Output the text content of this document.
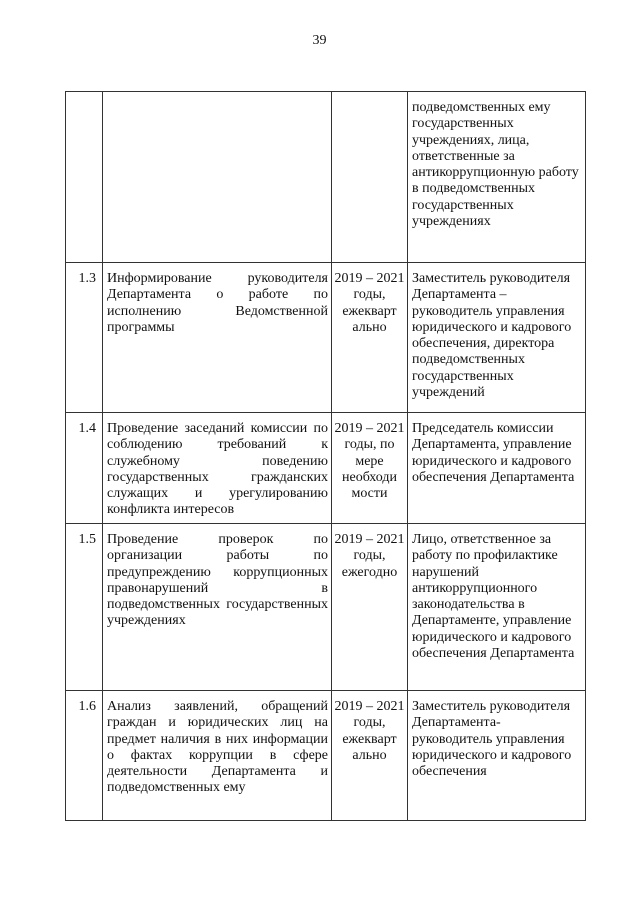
39
			подведомственных ему государственных учреждениях, лица, ответственные за антикоррупционную работу в подведомственных государственных учреждениях
1.3	Информирование руководителя Департамента о работе по исполнению Ведомственной программы	2019 – 2021 годы, ежекварт ально	Заместитель руководителя Департамента – руководитель управления юридического и кадрового обеспечения, директора подведомственных государственных учреждений
1.4	Проведение заседаний комиссии по соблюдению требований к служебному поведению государственных гражданских служащих и урегулированию конфликта интересов	2019 – 2021 годы, по мере необходи мости	Председатель комиссии Департамента, управление юридического и кадрового обеспечения Департамента
1.5	Проведение проверок по организации работы по предупреждению коррупционных правонарушений в подведомственных государственных учреждениях	2019 – 2021 годы, ежегодно	Лицо, ответственное за работу по профилактике нарушений антикоррупционного законодательства в Департаменте, управление юридического и кадрового обеспечения Департамента
1.6	Анализ заявлений, обращений граждан и юридических лиц на предмет наличия в них информации о фактах коррупции в сфере деятельности Департамента и подведомственных ему	2019 – 2021 годы, ежекварт ально	Заместитель руководителя Департамента- руководитель управления юридического и кадрового обеспечения
